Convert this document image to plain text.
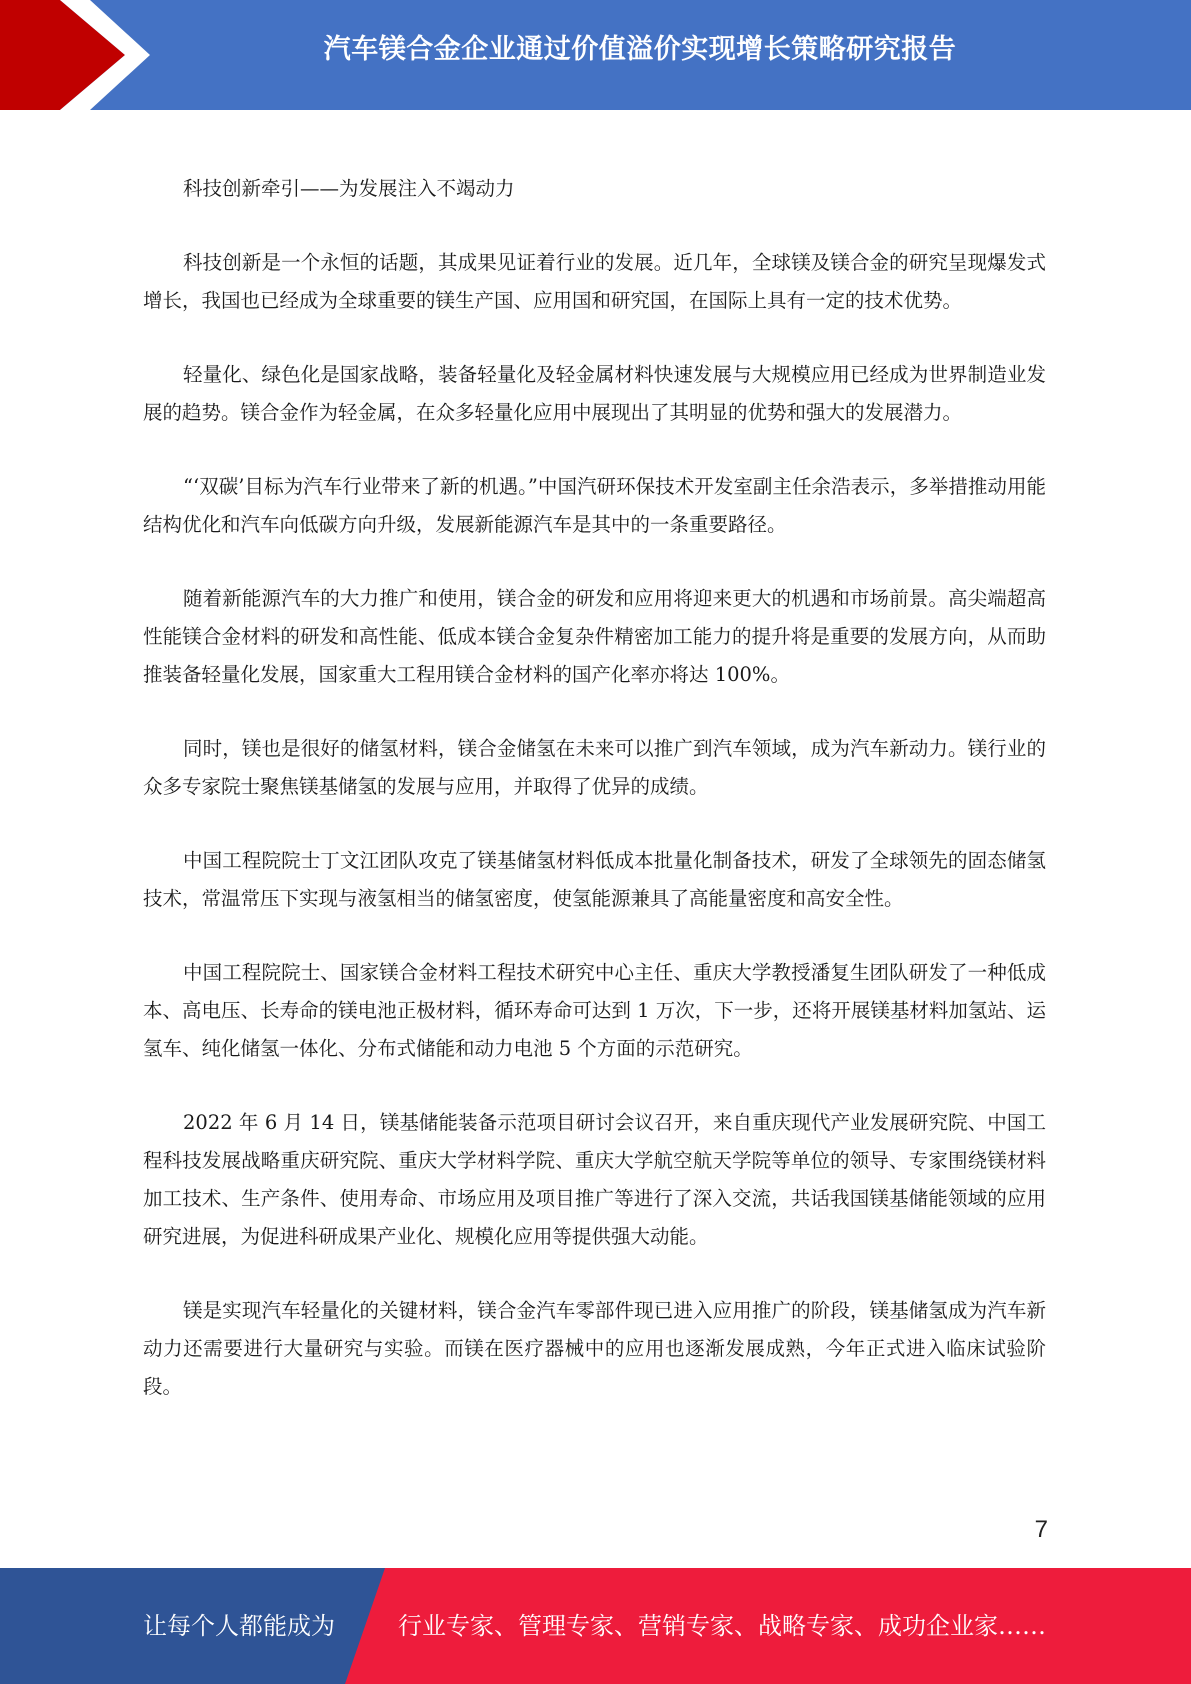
汽车镁合金企业通过价值溢价实现增长策略研究报告

科技创新牵引——为发展注入不竭动力

科技创新是一个永恒的话题，其成果见证着行业的发展。近几年，全球镁及镁合金的研究呈现爆发式增长，我国也已经成为全球重要的镁生产国、应用国和研究国，在国际上具有一定的技术优势。

轻量化、绿色化是国家战略，装备轻量化及轻金属材料快速发展与大规模应用已经成为世界制造业发展的趋势。镁合金作为轻金属，在众多轻量化应用中展现出了其明显的优势和强大的发展潜力。

“‘双碳’目标为汽车行业带来了新的机遇。”中国汽研环保技术开发室副主任余浩表示，多举措推动用能结构优化和汽车向低碳方向升级，发展新能源汽车是其中的一条重要路径。

随着新能源汽车的大力推广和使用，镁合金的研发和应用将迎来更大的机遇和市场前景。高尖端超高性能镁合金材料的研发和高性能、低成本镁合金复杂件精密加工能力的提升将是重要的发展方向，从而助推装备轻量化发展，国家重大工程用镁合金材料的国产化率亦将达 100%。

同时，镁也是很好的储氢材料，镁合金储氢在未来可以推广到汽车领域，成为汽车新动力。镁行业的众多专家院士聚焦镁基储氢的发展与应用，并取得了优异的成绩。

中国工程院院士丁文江团队攻克了镁基储氢材料低成本批量化制备技术，研发了全球领先的固态储氢技术，常温常压下实现与液氢相当的储氢密度，使氢能源兼具了高能量密度和高安全性。

中国工程院院士、国家镁合金材料工程技术研究中心主任、重庆大学教授潘复生团队研发了一种低成本、高电压、长寿命的镁电池正极材料，循环寿命可达到 1 万次，下一步，还将开展镁基材料加氢站、运氢车、纯化储氢一体化、分布式储能和动力电池 5 个方面的示范研究。

2022 年 6 月 14 日，镁基储能装备示范项目研讨会议召开，来自重庆现代产业发展研究院、中国工程科技发展战略重庆研究院、重庆大学材料学院、重庆大学航空航天学院等单位的领导、专家围绕镁材料加工技术、生产条件、使用寿命、市场应用及项目推广等进行了深入交流，共话我国镁基储能领域的应用研究进展，为促进科研成果产业化、规模化应用等提供强大动能。

镁是实现汽车轻量化的关键材料，镁合金汽车零部件现已进入应用推广的阶段，镁基储氢成为汽车新动力还需要进行大量研究与实验。而镁在医疗器械中的应用也逐渐发展成熟，今年正式进入临床试验阶段。

7
让每个人都能成为	行业专家、管理专家、营销专家、战略专家、成功企业家……
